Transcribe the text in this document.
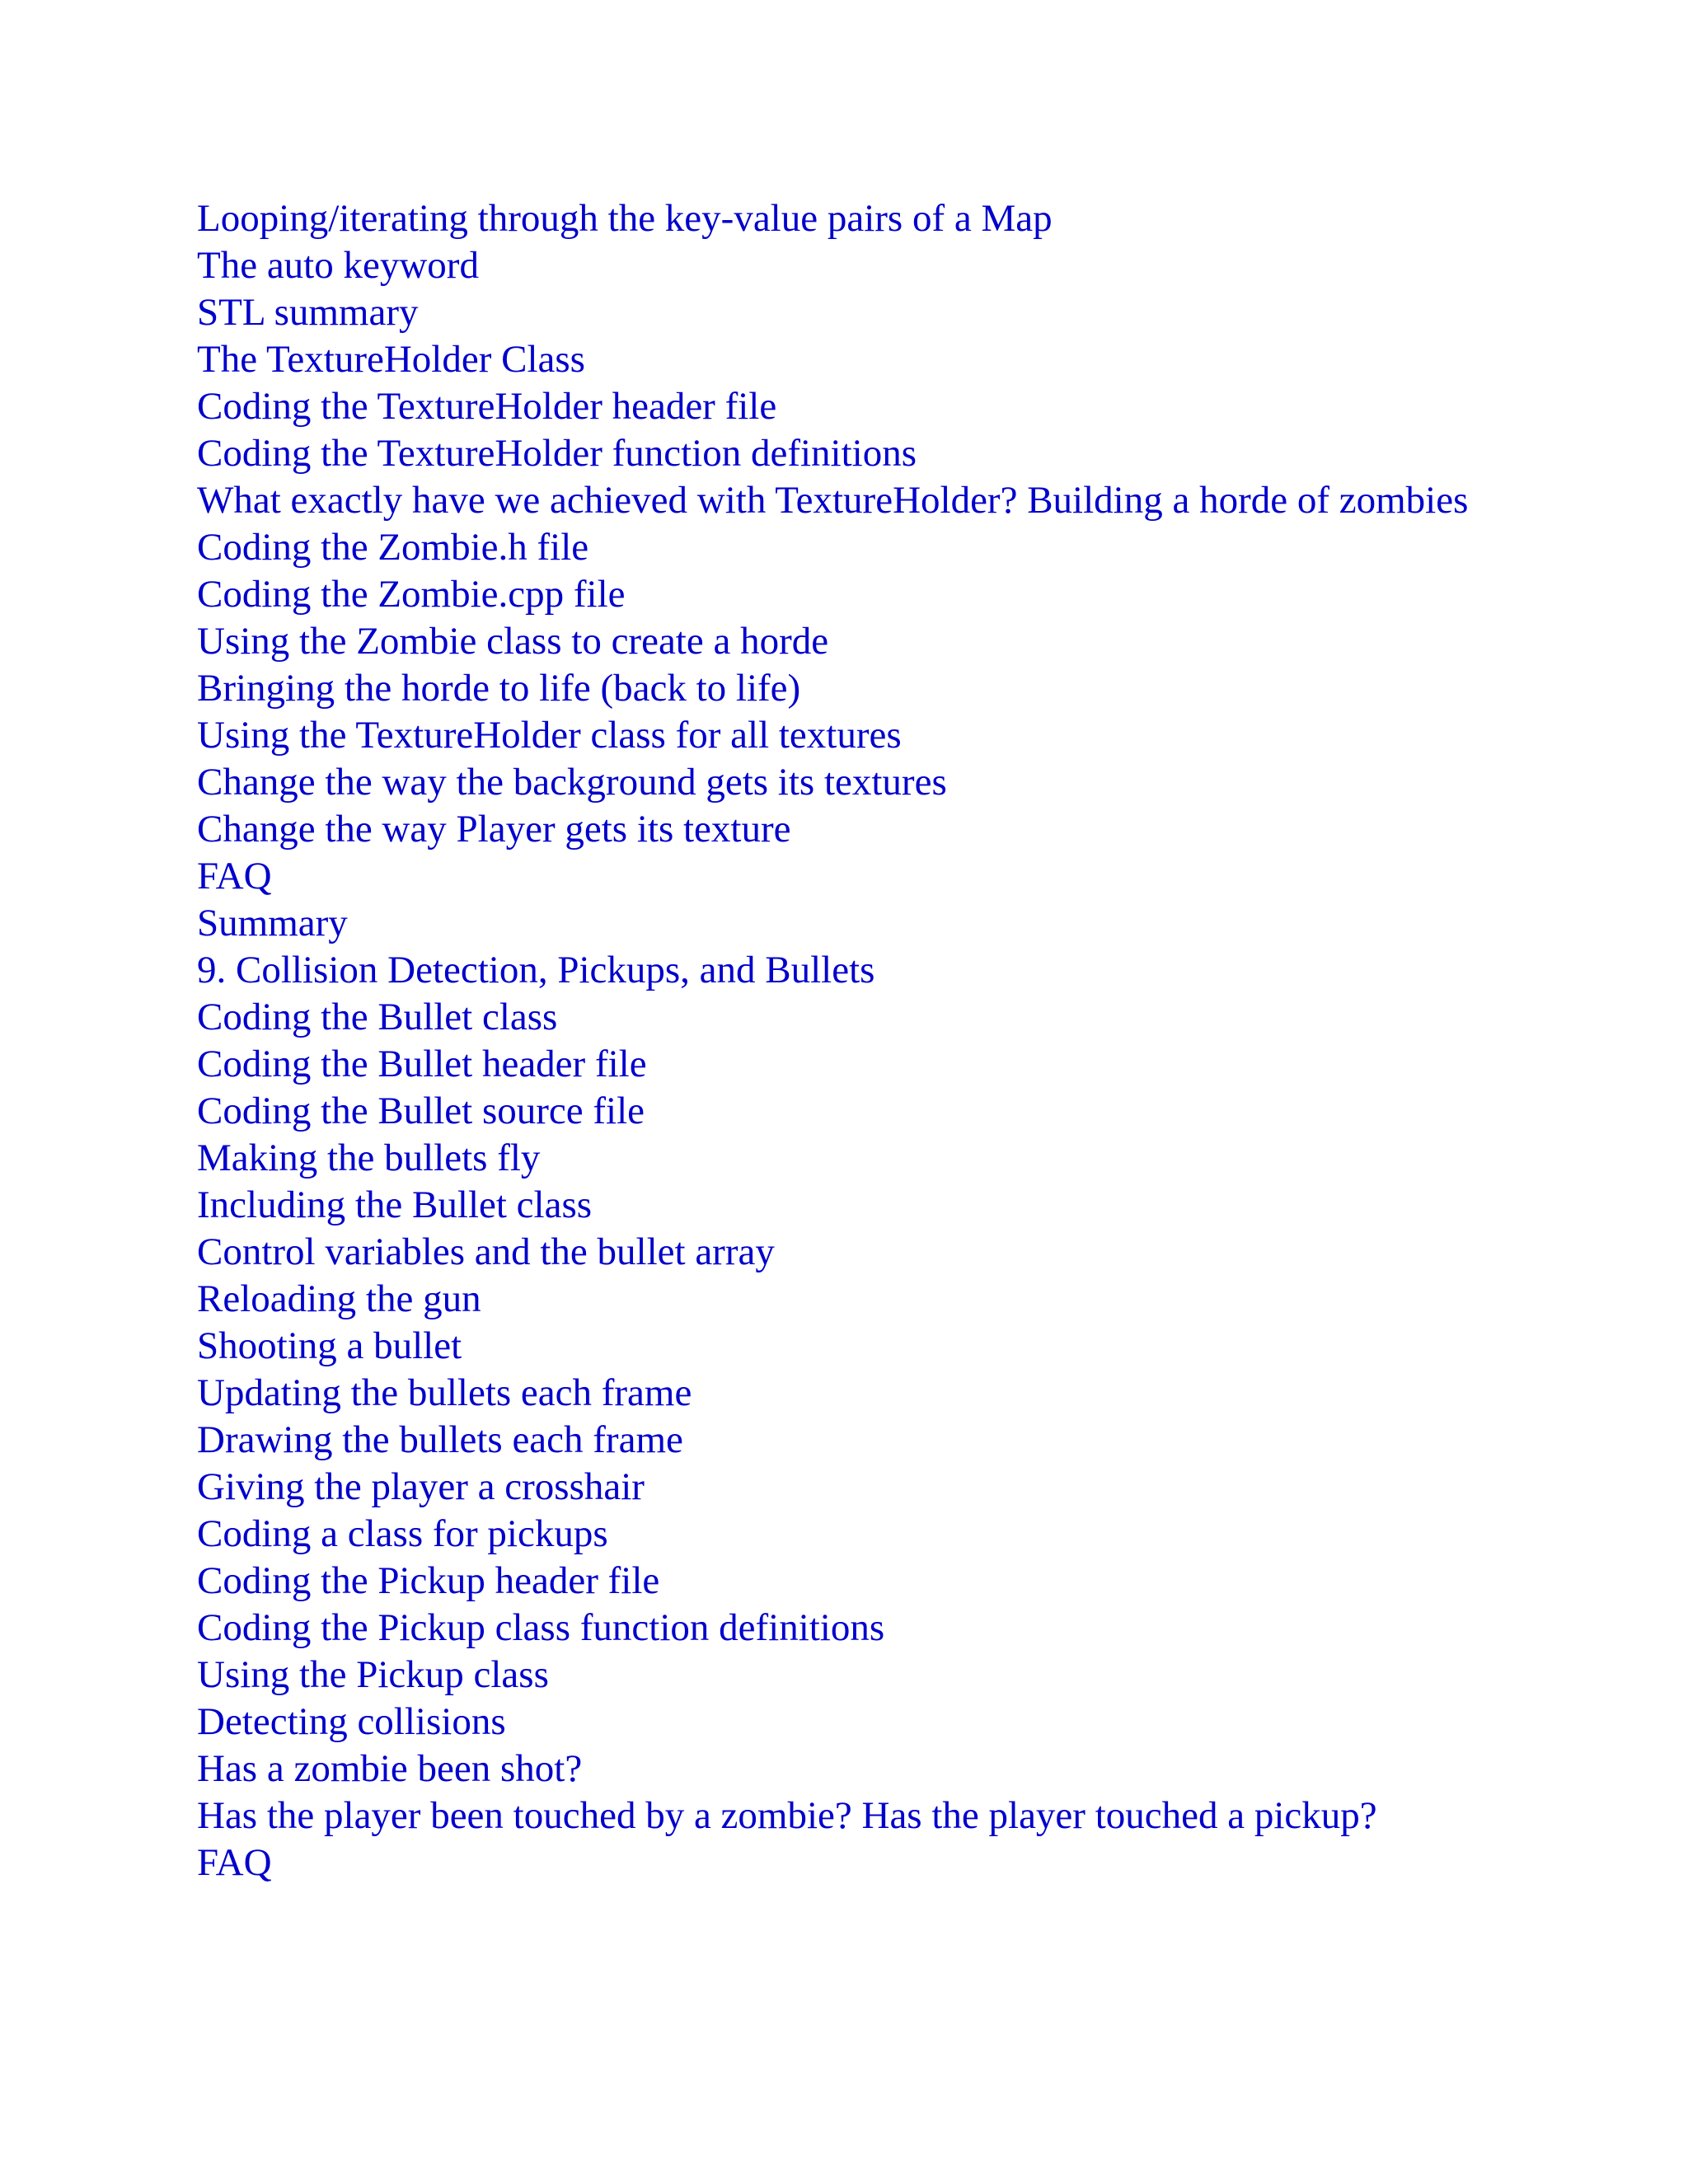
Looping/iterating through the key-value pairs of a Map
The auto keyword
STL summary
The TextureHolder Class
Coding the TextureHolder header file
Coding the TextureHolder function definitions
What exactly have we achieved with TextureHolder? Building a horde of zombies
Coding the Zombie.h file
Coding the Zombie.cpp file
Using the Zombie class to create a horde
Bringing the horde to life (back to life)
Using the TextureHolder class for all textures
Change the way the background gets its textures
Change the way Player gets its texture
FAQ
Summary
9. Collision Detection, Pickups, and Bullets
Coding the Bullet class
Coding the Bullet header file
Coding the Bullet source file
Making the bullets fly
Including the Bullet class
Control variables and the bullet array
Reloading the gun
Shooting a bullet
Updating the bullets each frame
Drawing the bullets each frame
Giving the player a crosshair
Coding a class for pickups
Coding the Pickup header file
Coding the Pickup class function definitions
Using the Pickup class
Detecting collisions
Has a zombie been shot?
Has the player been touched by a zombie? Has the player touched a pickup?
FAQ
